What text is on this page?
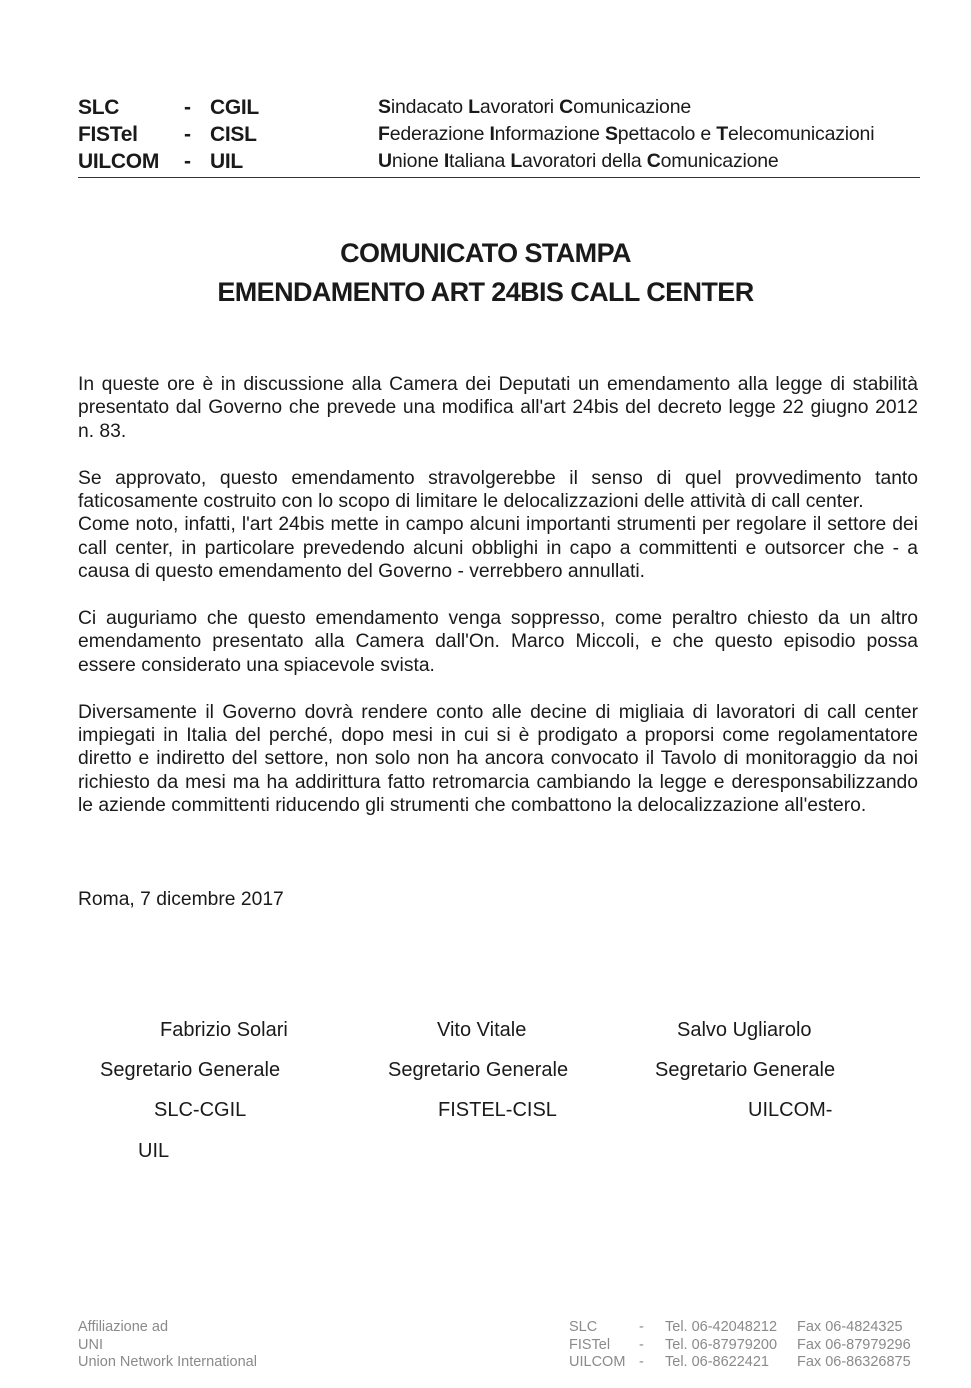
SLC	- CGIL	Sindacato Lavoratori Comunicazione
FISTel - CISL	Federazione Informazione Spettacolo e Telecomunicazioni
UILCOM - UIL	Unione Italiana Lavoratori della Comunicazione
COMUNICATO STAMPA
EMENDAMENTO ART 24BIS CALL CENTER

In queste ore è in discussione alla Camera dei Deputati un emendamento alla legge di stabilità presentato dal Governo che prevede una modifica all'art 24bis del decreto legge 22 giugno 2012 n. 83.

Se approvato, questo emendamento stravolgerebbe il senso di quel provvedimento tanto faticosamente costruito con lo scopo di limitare le delocalizzazioni delle attività di call center.

Come noto, infatti, l'art 24bis mette in campo alcuni importanti strumenti per regolare il settore dei call center, in particolare prevedendo alcuni obblighi in capo a committenti e outsorcer che - a causa di questo emendamento del Governo - verrebbero annullati.

Ci auguriamo che questo emendamento venga soppresso, come peraltro chiesto da un altro emendamento presentato alla Camera dall'On. Marco Miccoli, e che questo episodio possa essere considerato una spiacevole svista.

Diversamente il Governo dovrà rendere conto alle decine di migliaia di lavoratori di call center impiegati in Italia del perché, dopo mesi in cui si è prodigato a proporsi come regolamentatore diretto e indiretto del settore, non solo non ha ancora convocato il Tavolo di monitoraggio da noi richiesto da mesi ma ha addirittura fatto retromarcia cambiando la legge e deresponsabilizzando le aziende committenti riducendo gli strumenti che combattono la delocalizzazione all'estero.

Roma, 7 dicembre 2017
Fabrizio Solari	Vito Vitale	Salvo Ugliarolo
Segretario Generale	Segretario Generale	Segretario Generale
SLC-CGIL	FISTEL-CISL	UILCOM-
UIL
Affiliazione ad
UNI
Union Network International
SLC	- Tel. 06-42048212 Fax 06-4824325
FISTel - Tel. 06-87979200 Fax 06-87979296
UILCOM - Tel. 06-8622421 Fax 06-86326875
